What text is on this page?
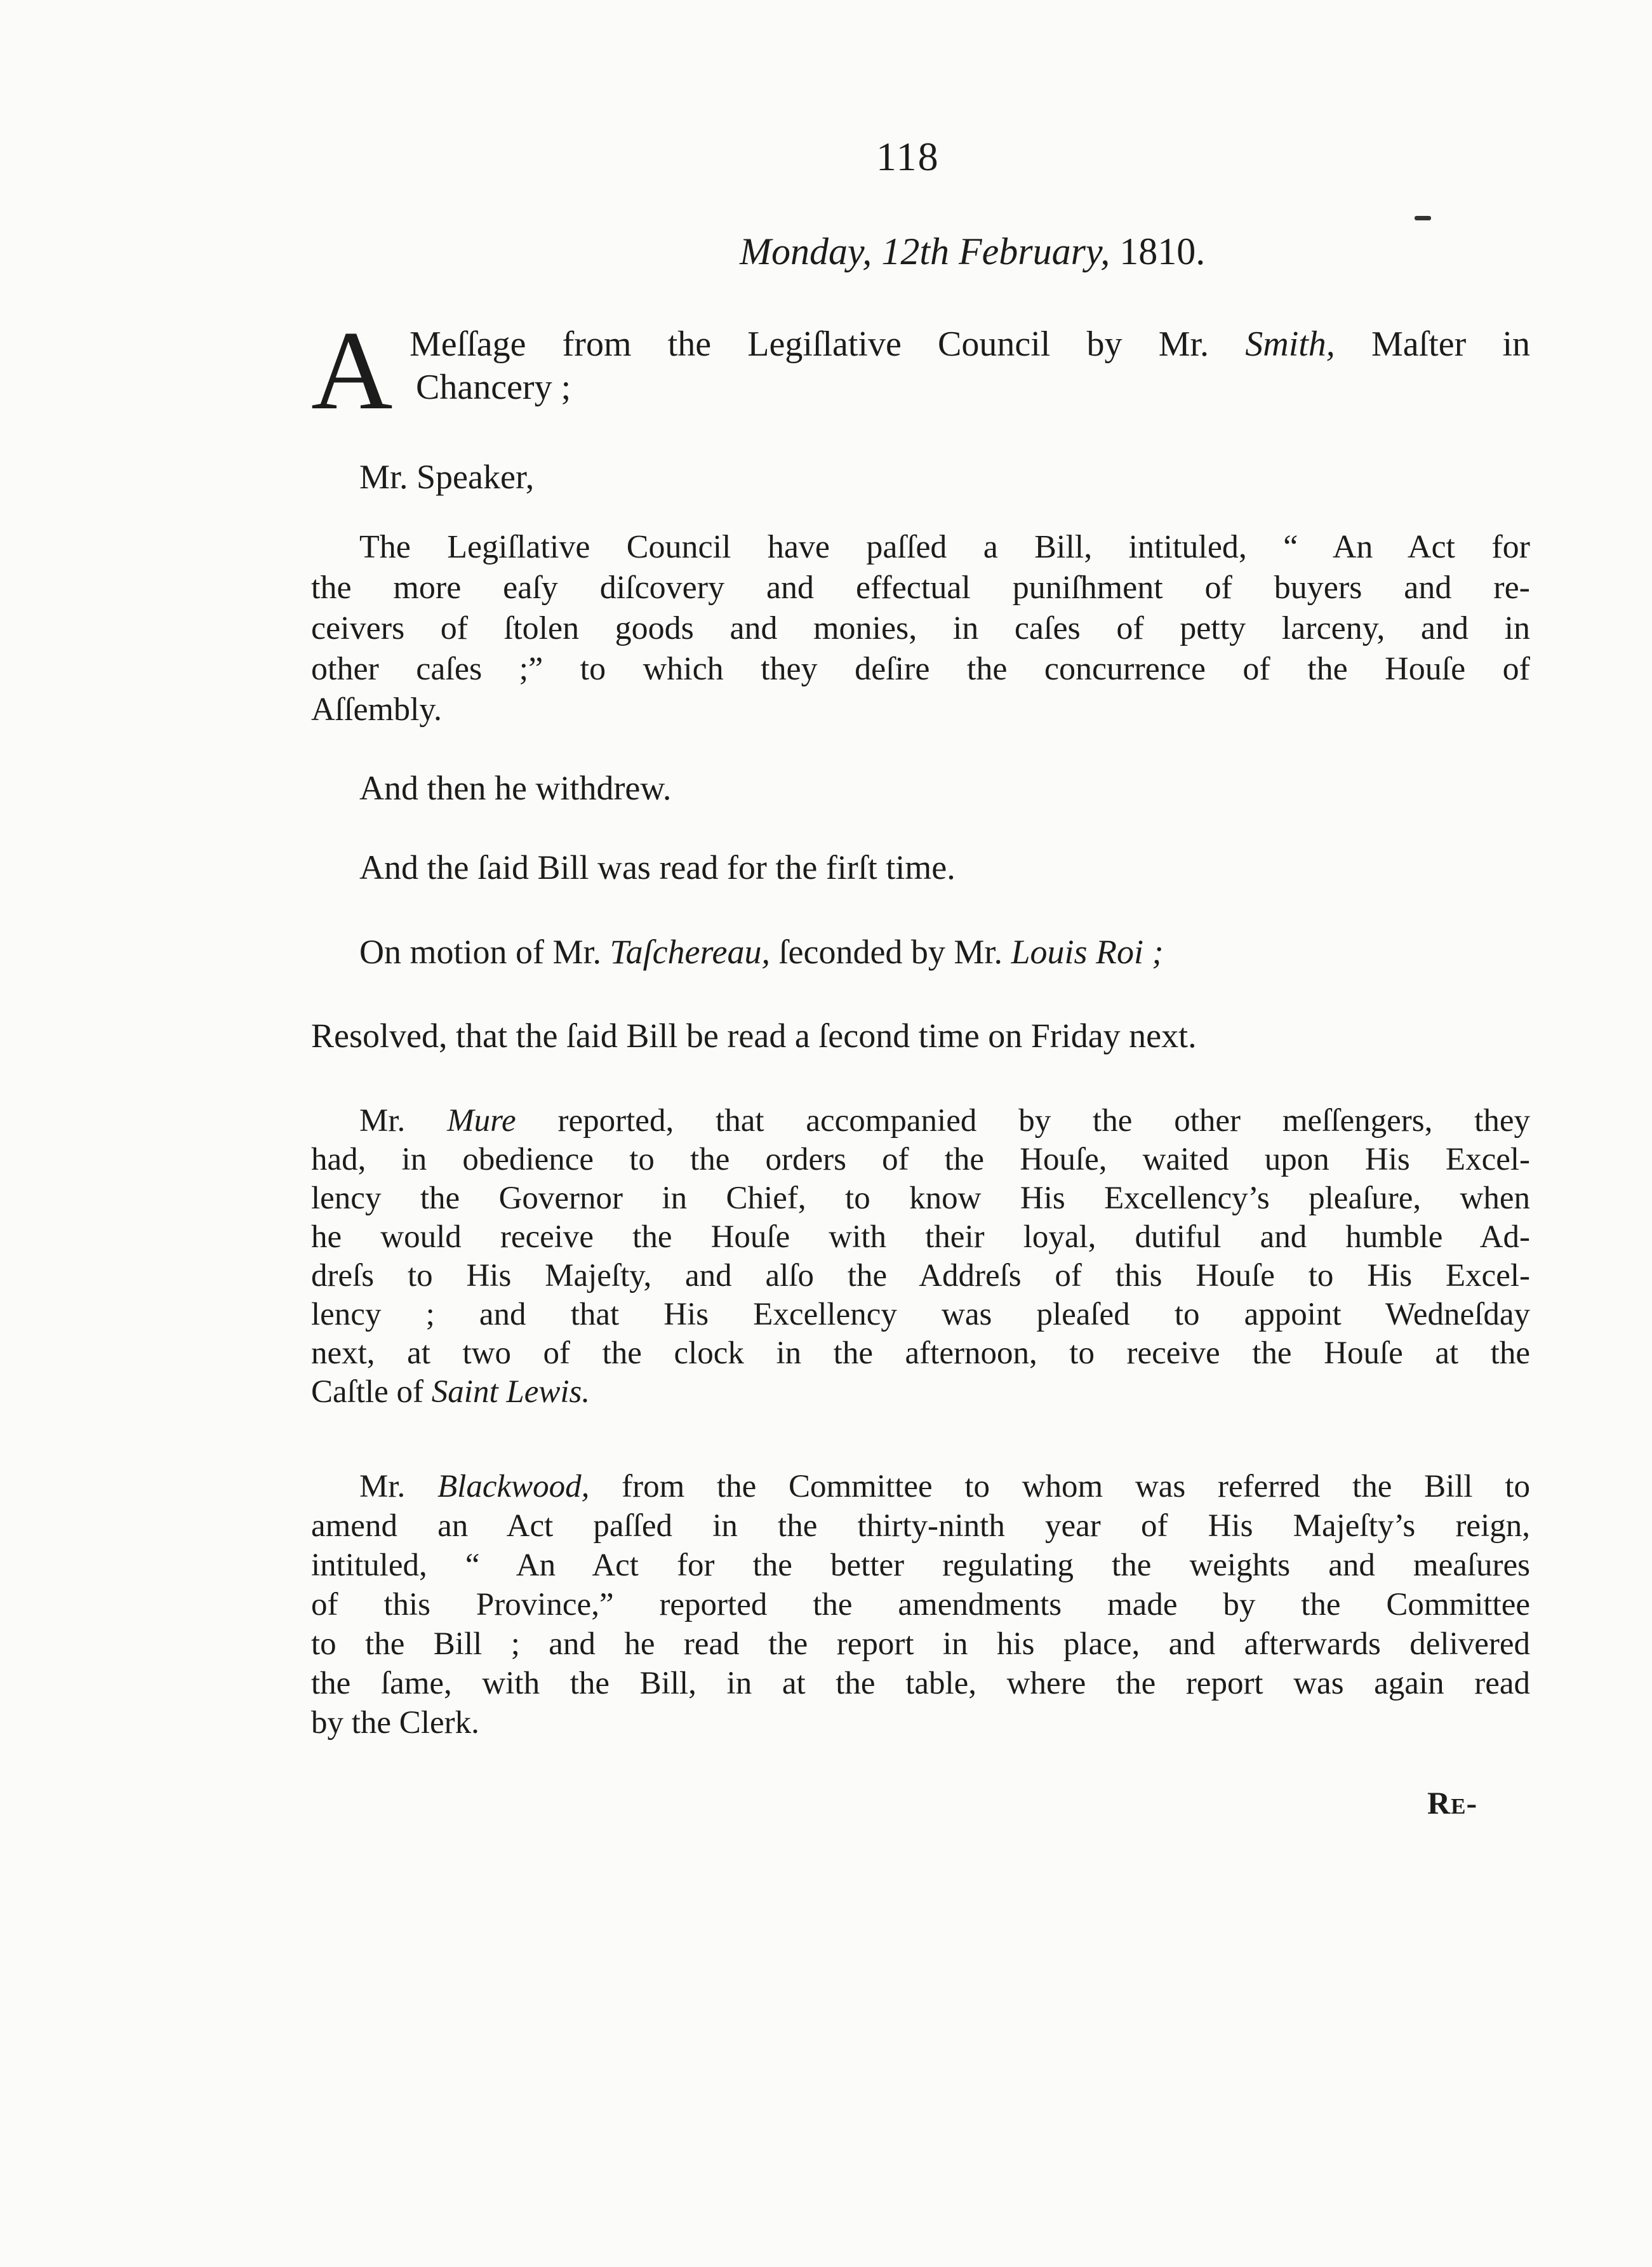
118
Monday, 12th February, 1810.
A Meſſage from the Legiſlative Council by Mr. Smith, Maſter in
Chancery ;
Mr. Speaker,
The Legiſlative Council have paſſed a Bill, intituled, “ An Act for
the more eaſy diſcovery and effectual puniſhment of buyers and re-
ceivers of ſtolen goods and monies, in caſes of petty larceny, and in
other caſes ;” to which they deſire the concurrence of the Houſe of
Aſſembly.
And then he withdrew.
And the ſaid Bill was read for the firſt time.
On motion of Mr. Taſchereau, ſeconded by Mr. Louis Roi ;
Resolved, that the ſaid Bill be read a ſecond time on Friday next.
Mr. Mure reported, that accompanied by the other meſſengers, they
had, in obedience to the orders of the Houſe, waited upon His Excel-
lency the Governor in Chief, to know His Excellency’s pleaſure, when
he would receive the Houſe with their loyal, dutiful and humble Ad-
dreſs to His Majeſty, and alſo the Addreſs of this Houſe to His Excel-
lency ; and that His Excellency was pleaſed to appoint Wedneſday
next, at two of the clock in the afternoon, to receive the Houſe at the
Caſtle of Saint Lewis.
Mr. Blackwood, from the Committee to whom was referred the Bill to
amend an Act paſſed in the thirty-ninth year of His Majeſty’s reign,
intituled, “ An Act for the better regulating the weights and meaſures
of this Province,” reported the amendments made by the Committee
to the Bill ; and he read the report in his place, and afterwards delivered
the ſame, with the Bill, in at the table, where the report was again read
by the Clerk.
Re-
